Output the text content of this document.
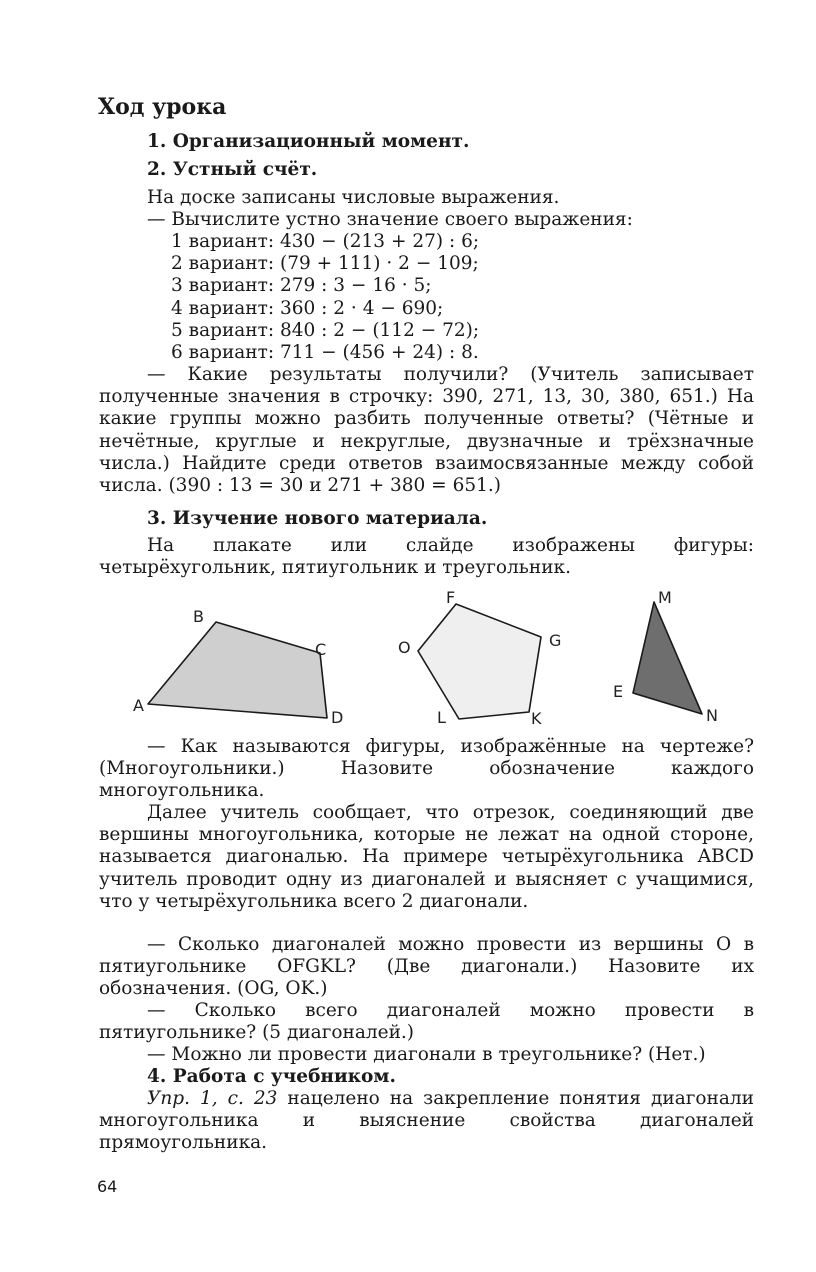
Ход урока

1. Организационный момент.

2. Устный счёт.

На доске записаны числовые выражения.

— Вычислите устно значение своего выражения:

1 вариант: 430 − (213 + 27) : 6;
2 вариант: (79 + 111) · 2 − 109;
3 вариант: 279 : 3 − 16 · 5;
4 вариант: 360 : 2 · 4 − 690;
5 вариант: 840 : 2 − (112 − 72);
6 вариант: 711 − (456 + 24) : 8.

— Какие результаты получили? (Учитель записывает полученные значения в строчку: 390, 271, 13, 30, 380, 651.) На какие группы можно разбить полученные ответы? (Чётные и нечётные, круглые и некруглые, двузначные и трёхзначные числа.) Найдите среди ответов взаимосвязанные между собой числа. (390 : 13 = 30 и 271 + 380 = 651.)

3. Изучение нового материала.

На плакате или слайде изображены фигуры: четырёхугольник, пятиугольник и треугольник.

A
B
C
D
F
G
K
L
O
M
N
E

— Как называются фигуры, изображённые на чертеже? (Многоугольники.) Назовите обозначение каждого многоугольника.

Далее учитель сообщает, что отрезок, соединяющий две вершины многоугольника, которые не лежат на одной стороне, называется диагональю. На примере четырёхугольника ABCD учитель проводит одну из диагоналей и выясняет с учащимися, что у четырёхугольника всего 2 диагонали.

— Сколько диагоналей можно провести из вершины O в пятиугольнике OFGKL? (Две диагонали.) Назовите их обозначения. (OG, OK.)

— Сколько всего диагоналей можно провести в пятиугольнике? (5 диагоналей.)

— Можно ли провести диагонали в треугольнике? (Нет.)

4. Работа с учебником.

Упр. 1, с. 23 нацелено на закрепление понятия диагонали многоугольника и выяснение свойства диагоналей прямоугольника.

64
